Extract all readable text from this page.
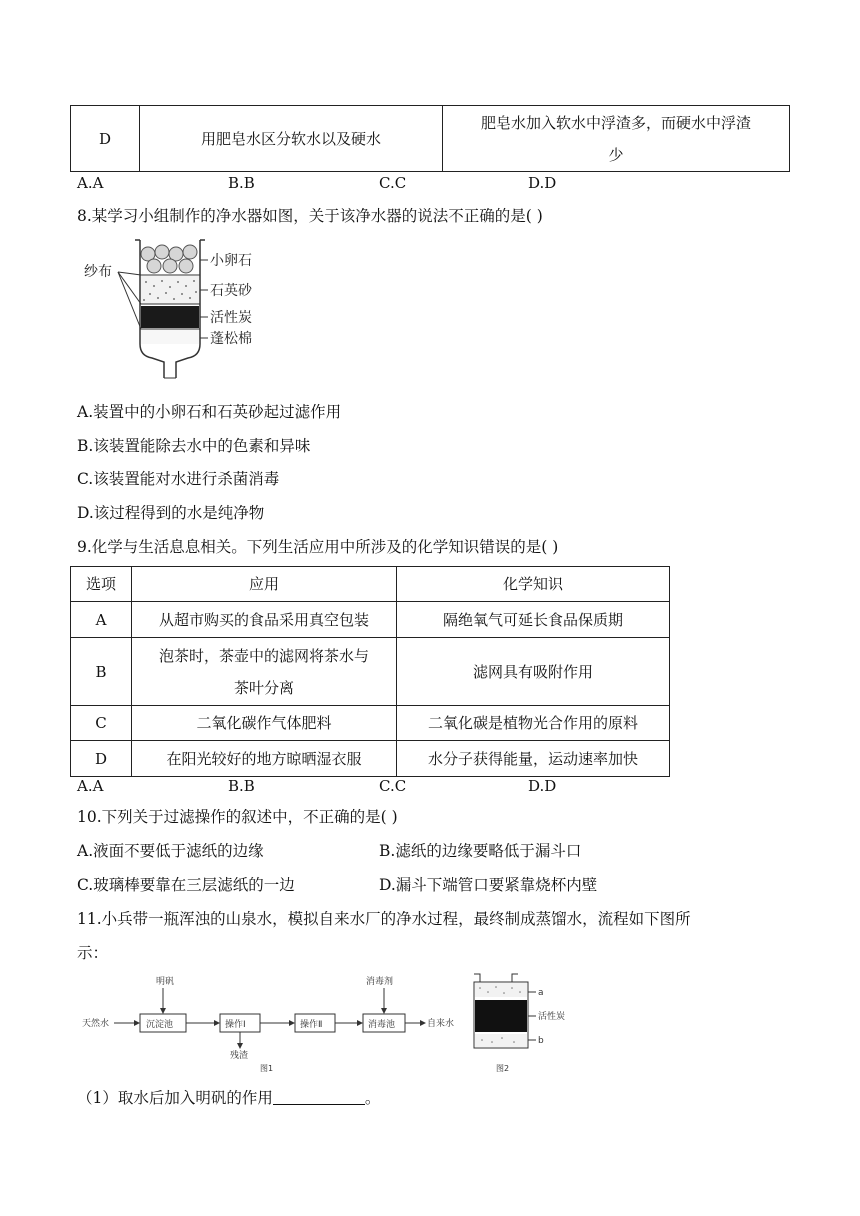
D	用肥皂水区分软水以及硬水	
肥皂水加入软水中浮渣多，而硬水中浮渣
少
A.A	B.B	C.C	D.D
8.某学习小组制作的净水器如图，关于该净水器的说法不正确的是( )
纱布
小卵石
石英砂
活性炭
蓬松棉
A.装置中的小卵石和石英砂起过滤作用
B.该装置能除去水中的色素和异味
C.该装置能对水进行杀菌消毒
D.该过程得到的水是纯净物
9.化学与生活息息相关。下列生活应用中所涉及的化学知识错误的是( )
选项	应用	化学知识
A	从超市购买的食品采用真空包装	隔绝氧气可延长食品保质期
B	泡茶时，茶壶中的滤网将茶水与
茶叶分离	滤网具有吸附作用
C	二氧化碳作气体肥料	二氧化碳是植物光合作用的原料
D	在阳光较好的地方晾晒湿衣服	水分子获得能量，运动速率加快
A.A	B.B	C.C	D.D
10.下列关于过滤操作的叙述中，不正确的是( )
A.液面不要低于滤纸的边缘	B.滤纸的边缘要略低于漏斗口
C.玻璃棒要靠在三层滤纸的一边	D.漏斗下端管口要紧靠烧杯内壁
11.小兵带一瓶浑浊的山泉水，模拟自来水厂的净水过程，最终制成蒸馏水，流程如下图所
示：
明矾	消毒剂
天然水	自来水
残渣
图1
沉淀池	操作Ⅰ	操作Ⅱ	消毒池
a
活性炭
b
图2
（1）取水后加入明矾的作用	。
